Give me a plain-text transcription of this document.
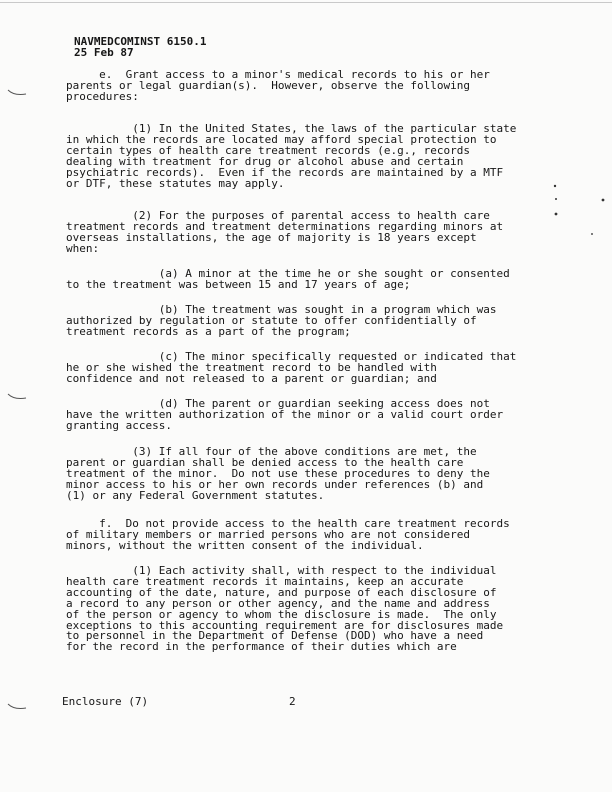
NAVMEDCOMINST 6150.1
25 Feb 87
e.  Grant access to a minor's medical records to his or her
parents or legal guardian(s).  However, observe the following
procedures:
(1) In the United States, the laws of the particular state
in which the records are located may afford special protection to
certain types of health care treatment records (e.g., records
dealing with treatment for drug or alcohol abuse and certain
psychiatric records).  Even if the records are maintained by a MTF
or DTF, these statutes may apply.
(2) For the purposes of parental access to health care
treatment records and treatment determinations regarding minors at
overseas installations, the age of majority is 18 years except
when:
(a) A minor at the time he or she sought or consented
to the treatment was between 15 and 17 years of age;
(b) The treatment was sought in a program which was
authorized by regulation or statute to offer confidentially of
treatment records as a part of the program;
(c) The minor specifically requested or indicated that
he or she wished the treatment record to be handled with
confidence and not released to a parent or guardian; and
(d) The parent or guardian seeking access does not
have the written authorization of the minor or a valid court order
granting access.
(3) If all four of the above conditions are met, the
parent or guardian shall be denied access to the health care
treatment of the minor.  Do not use these procedures to deny the
minor access to his or her own records under references (b) and
(1) or any Federal Government statutes.
f.  Do not provide access to the health care treatment records
of military members or married persons who are not considered
minors, without the written consent of the individual.
(1) Each activity shall, with respect to the individual
health care treatment records it maintains, keep an accurate
accounting of the date, nature, and purpose of each disclosure of
a record to any person or other agency, and the name and address
of the person or agency to whom the disclosure is made.  The only
exceptions to this accounting requirement are for disclosures made
to personnel in the Department of Defense (DOD) who have a need
for the record in the performance of their duties which are
Enclosure (7)	2
